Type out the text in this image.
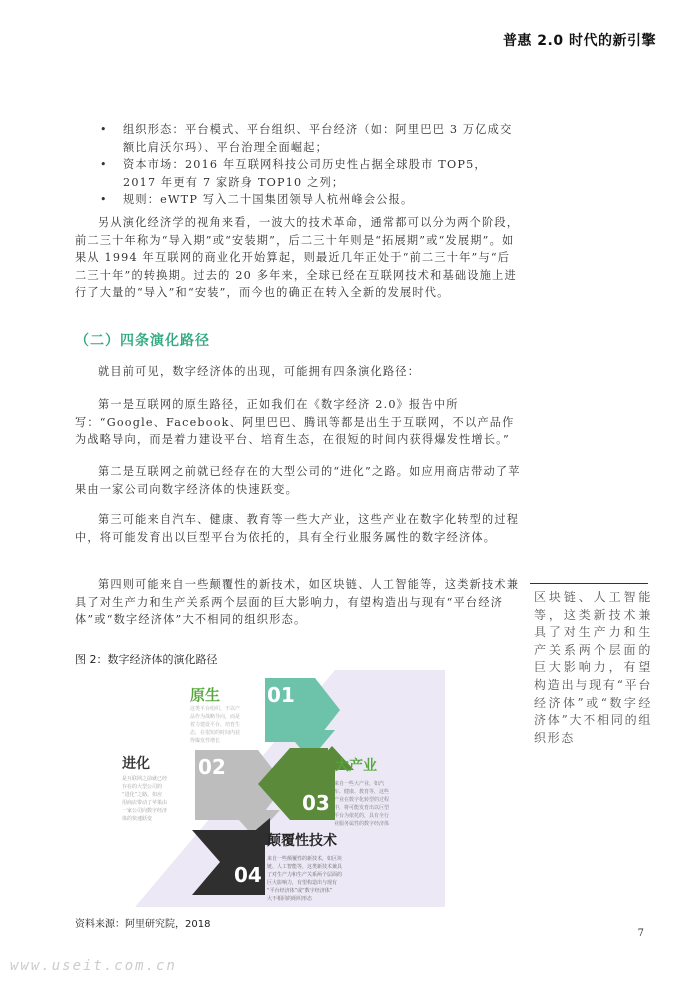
普惠 2.0 时代的新引擎
• 组织形态：平台模式、平台组织、平台经济（如：阿里巴巴 3 万亿成交额比肩沃尔玛）、平台治理全面崛起；
• 资本市场：2016 年互联网科技公司历史性占据全球股市 TOP5，2017 年更有 7 家跻身 TOP10 之列；
• 规则：eWTP 写入二十国集团领导人杭州峰会公报。

另从演化经济学的视角来看，一波大的技术革命，通常都可以分为两个阶段，前二三十年称为“导入期”或“安装期”，后二三十年则是“拓展期”或“发展期”。如果从 1994 年互联网的商业化开始算起，则最近几年正处于“前二三十年”与“后二三十年”的转换期。过去的 20 多年来，全球已经在互联网技术和基础设施上进行了大量的“导入”和“安装”，而今也的确正在转入全新的发展时代。

（二）四条演化路径

就目前可见，数字经济体的出现，可能拥有四条演化路径：

第一是互联网的原生路径，正如我们在《数字经济 2.0》报告中所写：“Google、Facebook、阿里巴巴、腾讯等都是出生于互联网，不以产品作为战略导向，而是着力建设平台、培育生态，在很短的时间内获得爆发性增长。”

第二是互联网之前就已经存在的大型公司的“进化”之路。如应用商店带动了苹果由一家公司向数字经济体的快速跃变。

第三可能来自汽车、健康、教育等一些大产业，这些产业在数字化转型的过程中，将可能发育出以巨型平台为依托的，具有全行业服务属性的数字经济体。

第四则可能来自一些颠覆性的新技术，如区块链、人工智能等，这类新技术兼具了对生产力和生产关系两个层面的巨大影响力，有望构造出与现有“平台经济体”或“数字经济体”大不相同的组织形态。

区块链、人工智能等，这类新技术兼具了对生产力和生产关系两个层面的巨大影响力，有望构造出与现有“平台经济体”或“数字经济体”大不相同的组织形态
图 2：数字经济体的演化路径
01
原生
这类平台组织，不以产 品作为战略导向，而是 着力建设平台、培育生 态，在很短的时间内获 得爆发性增长
02
进化
是互联网之前就已经 存在的大型公司的 “进化”之路。如应 用商店带动了苹果由 一家公司向数字经济 体的快速跃变
03
大产业
来自一些大产业，如汽 车、健康、教育等，这些 产业在数字化转型的过程 中，将可能发育出以巨型 平台为依托的，具有全行 业服务属性的数字经济体
04
颠覆性技术
来自一些颠覆性的新技术，如区块 链、人工智能等，这类新技术兼具 了对生产力和生产关系两个层面的 巨大影响力，有望构造出与现有 “平台经济体”或“数字经济体” 大不相同的组织形态
资料来源：阿里研究院，2018
7
www.useit.com.cn
